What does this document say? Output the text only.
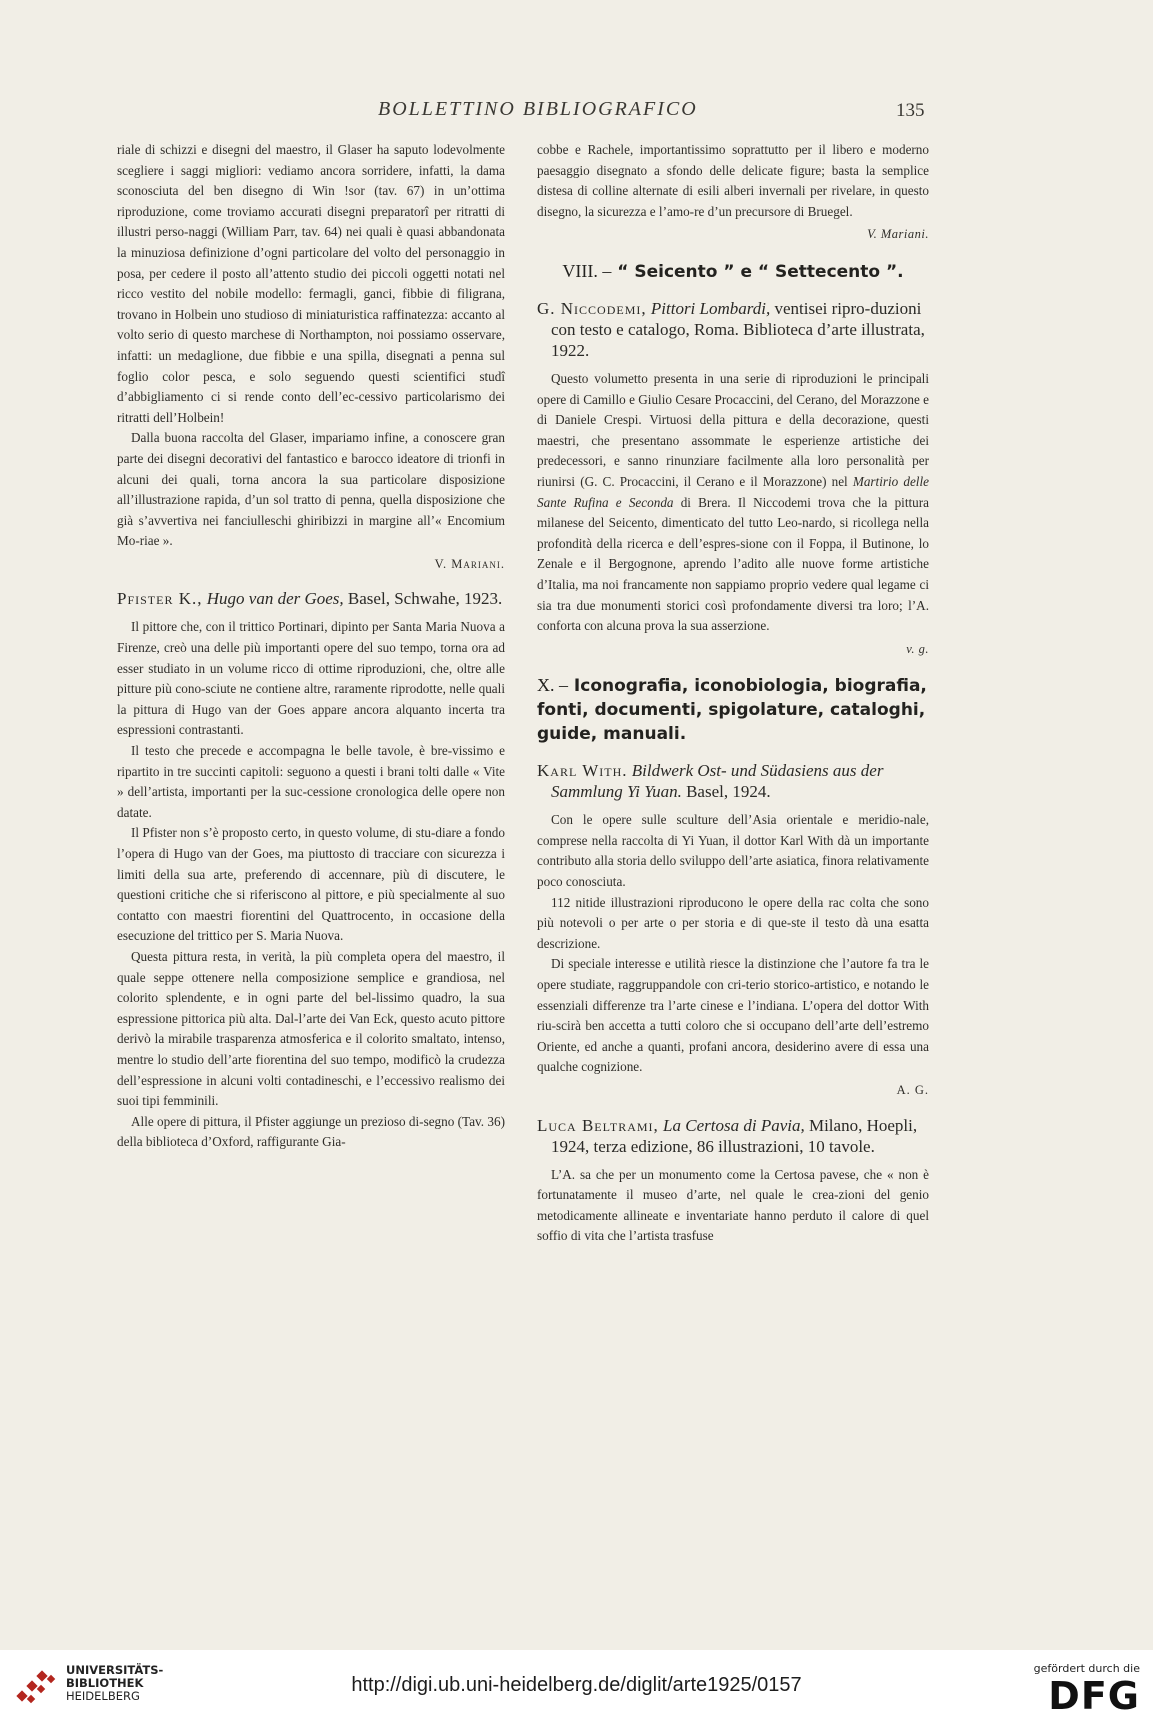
BOLLETTINO BIBLIOGRAFICO	135

riale di schizzi e disegni del maestro, il Glaser ha saputo lodevolmente scegliere i saggi migliori: vediamo ancora sorridere, infatti, la dama sconosciuta del ben disegno di Win !sor (tav. 67) in un’ottima riproduzione, come troviamo accurati disegni preparatorî per ritratti di illustri perso-naggi (William Parr, tav. 64) nei quali è quasi abbandonata la minuziosa definizione d’ogni particolare del volto del personaggio in posa, per cedere il posto all’attento studio dei piccoli oggetti notati nel ricco vestito del nobile modello: fermagli, ganci, fibbie di filigrana, trovano in Holbein uno studioso di miniaturistica raffinatezza: accanto al volto serio di questo marchese di Northampton, noi possiamo osservare, infatti: un medaglione, due fibbie e una spilla, disegnati a penna sul foglio color pesca, e solo seguendo questi scientifici studî d’abbigliamento ci si rende conto dell’ec-cessivo particolarismo dei ritratti dell’Holbein!

Dalla buona raccolta del Glaser, impariamo infine, a conoscere gran parte dei disegni decorativi del fantastico e barocco ideatore di trionfi in alcuni dei quali, torna ancora la sua particolare disposizione all’illustrazione rapida, d’un sol tratto di penna, quella disposizione che già s’avvertiva nei fanciulleschi ghiribizzi in margine all’« Encomium Mo-riae ».

V. Mariani.

Pfister K., Hugo van der Goes, Basel, Schwahe, 1923.

Il pittore che, con il trittico Portinari, dipinto per Santa Maria Nuova a Firenze, creò una delle più importanti opere del suo tempo, torna ora ad esser studiato in un volume ricco di ottime riproduzioni, che, oltre alle pitture più cono-sciute ne contiene altre, raramente riprodotte, nelle quali la pittura di Hugo van der Goes appare ancora alquanto incerta tra espressioni contrastanti.

Il testo che precede e accompagna le belle tavole, è bre-vissimo e ripartito in tre succinti capitoli: seguono a questi i brani tolti dalle « Vite » dell’artista, importanti per la suc-cessione cronologica delle opere non datate.

Il Pfister non s’è proposto certo, in questo volume, di stu-diare a fondo l’opera di Hugo van der Goes, ma piuttosto di tracciare con sicurezza i limiti della sua arte, preferendo di accennare, più di discutere, le questioni critiche che si riferiscono al pittore, e più specialmente al suo contatto con maestri fiorentini del Quattrocento, in occasione della esecuzione del trittico per S. Maria Nuova.

Questa pittura resta, in verità, la più completa opera del maestro, il quale seppe ottenere nella composizione semplice e grandiosa, nel colorito splendente, e in ogni parte del bel-lissimo quadro, la sua espressione pittorica più alta. Dal-l’arte dei Van Eck, questo acuto pittore derivò la mirabile trasparenza atmosferica e il colorito smaltato, intenso, mentre lo studio dell’arte fiorentina del suo tempo, modificò la crudezza dell’espressione in alcuni volti contadineschi, e l’eccessivo realismo dei suoi tipi femminili.

Alle opere di pittura, il Pfister aggiunge un prezioso di-segno (Tav. 36) della biblioteca d’Oxford, raffigurante Gia-

cobbe e Rachele, importantissimo soprattutto per il libero e moderno paesaggio disegnato a sfondo delle delicate figure; basta la semplice distesa di colline alternate di esili alberi invernali per rivelare, in questo disegno, la sicurezza e l’amo-re d’un precursore di Bruegel.

V. Mariani.

VIII. – “ Seicento ” e “ Settecento ”.

G. Niccodemi, Pittori Lombardi, ventisei ripro-duzioni con testo e catalogo, Roma. Biblioteca d’arte illustrata, 1922.

Questo volumetto presenta in una serie di riproduzioni le principali opere di Camillo e Giulio Cesare Procaccini, del Cerano, del Morazzone e di Daniele Crespi. Virtuosi della pittura e della decorazione, questi maestri, che presentano assommate le esperienze artistiche dei predecessori, e sanno rinunziare facilmente alla loro personalità per riunirsi (G. C. Procaccini, il Cerano e il Morazzone) nel Martirio delle Sante Rufina e Seconda di Brera. Il Niccodemi trova che la pittura milanese del Seicento, dimenticato del tutto Leo-nardo, si ricollega nella profondità della ricerca e dell’espres-sione con il Foppa, il Butinone, lo Zenale e il Bergognone, aprendo l’adito alle nuove forme artistiche d’Italia, ma noi francamente non sappiamo proprio vedere qual legame ci sia tra due monumenti storici così profondamente diversi tra loro; l’A. conforta con alcuna prova la sua asserzione.

v. g.

X. – Iconografia, iconobiologia, biografia, fonti, documenti, spigolature, cataloghi, guide, manuali.

Karl With. Bildwerk Ost- und Südasiens aus der Sammlung Yi Yuan. Basel, 1924.

Con le opere sulle sculture dell’Asia orientale e meridio-nale, comprese nella raccolta di Yi Yuan, il dottor Karl With dà un importante contributo alla storia dello sviluppo dell’arte asiatica, finora relativamente poco conosciuta.

112 nitide illustrazioni riproducono le opere della rac colta che sono più notevoli o per arte o per storia e di que-ste il testo dà una esatta descrizione.

Di speciale interesse e utilità riesce la distinzione che l’autore fa tra le opere studiate, raggruppandole con cri-terio storico-artistico, e notando le essenziali differenze tra l’arte cinese e l’indiana. L’opera del dottor With riu-scirà ben accetta a tutti coloro che si occupano dell’arte dell’estremo Oriente, ed anche a quanti, profani ancora, desiderino avere di essa una qualche cognizione.

A. G.

Luca Beltrami, La Certosa di Pavia, Milano, Hoepli, 1924, terza edizione, 86 illustrazioni, 10 tavole.

L’A. sa che per un monumento come la Certosa pavese, che « non è fortunatamente il museo d’arte, nel quale le crea-zioni del genio metodicamente allineate e inventariate hanno perduto il calore di quel soffio di vita che l’artista trasfuse

UNIVERSITÄTS-
BIBLIOTHEK
HEIDELBERG	http://digi.ub.uni-heidelberg.de/diglit/arte1925/0157
gefördert durch die
DFG
